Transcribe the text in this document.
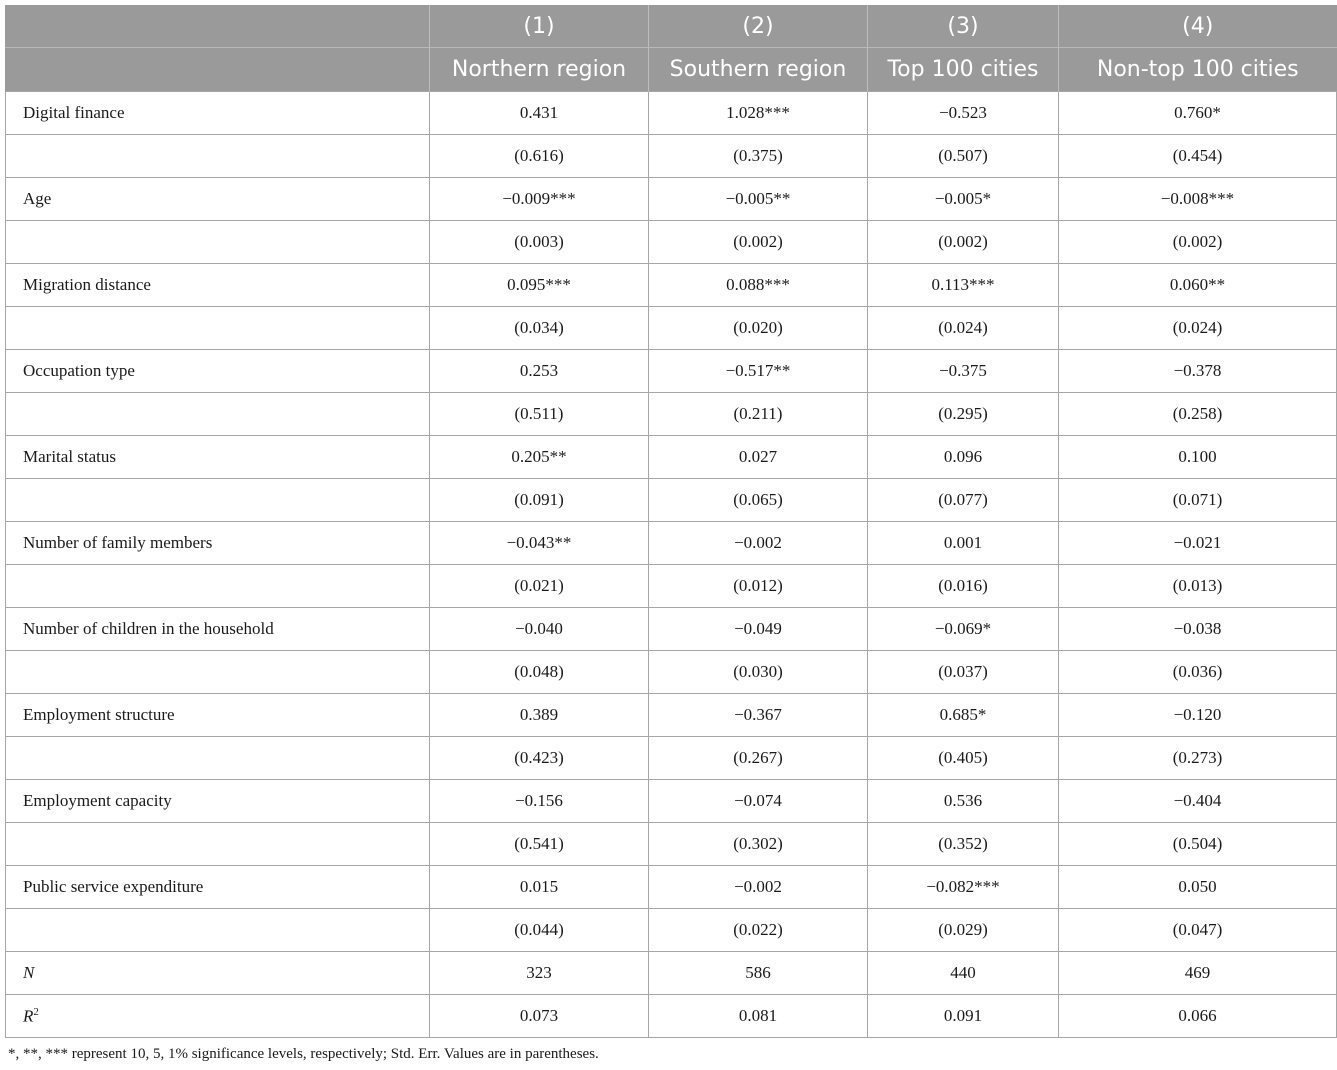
	(1)	(2)	(3)	(4)
	Northern region	Southern region	Top 100 cities	Non-top 100 cities
Digital finance	0.431	1.028***	−0.523	0.760*
	(0.616)	(0.375)	(0.507)	(0.454)
Age	−0.009***	−0.005**	−0.005*	−0.008***
	(0.003)	(0.002)	(0.002)	(0.002)
Migration distance	0.095***	0.088***	0.113***	0.060**
	(0.034)	(0.020)	(0.024)	(0.024)
Occupation type	0.253	−0.517**	−0.375	−0.378
	(0.511)	(0.211)	(0.295)	(0.258)
Marital status	0.205**	0.027	0.096	0.100
	(0.091)	(0.065)	(0.077)	(0.071)
Number of family members	−0.043**	−0.002	0.001	−0.021
	(0.021)	(0.012)	(0.016)	(0.013)
Number of children in the household	−0.040	−0.049	−0.069*	−0.038
	(0.048)	(0.030)	(0.037)	(0.036)
Employment structure	0.389	−0.367	0.685*	−0.120
	(0.423)	(0.267)	(0.405)	(0.273)
Employment capacity	−0.156	−0.074	0.536	−0.404
	(0.541)	(0.302)	(0.352)	(0.504)
Public service expenditure	0.015	−0.002	−0.082***	0.050
	(0.044)	(0.022)	(0.029)	(0.047)
N	323	586	440	469
$R^2$	0.073	0.081	0.091	0.066

*, **, *** represent 10, 5, 1% significance levels, respectively; Std. Err. Values are in parentheses.
